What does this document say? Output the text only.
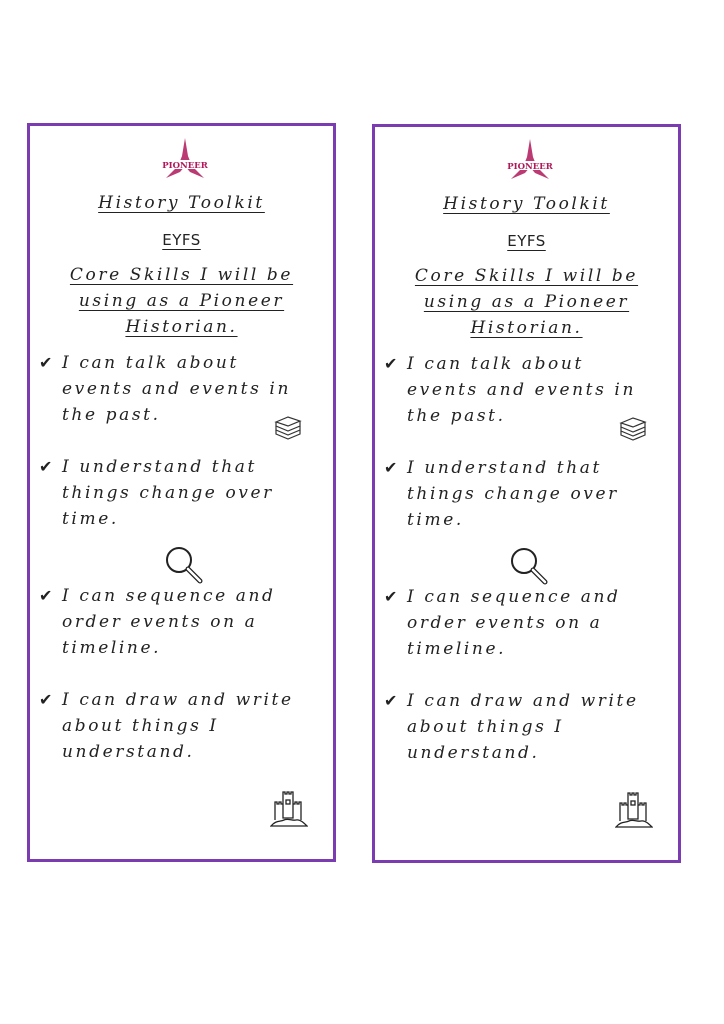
PIONEER
History Toolkit
EYFS
Core Skills I will be
using as a Pioneer
Historian.
✔ I can talk about
events and events in
the past.
✔ I understand that
things change over
time.
✔ I can sequence and
order events on a
timeline.
✔ I can draw and write
about things I
understand.
PIONEER
History Toolkit
EYFS
Core Skills I will be
using as a Pioneer
Historian.
✔ I can talk about
events and events in
the past.
✔ I understand that
things change over
time.
✔ I can sequence and
order events on a
timeline.
✔ I can draw and write
about things I
understand.
